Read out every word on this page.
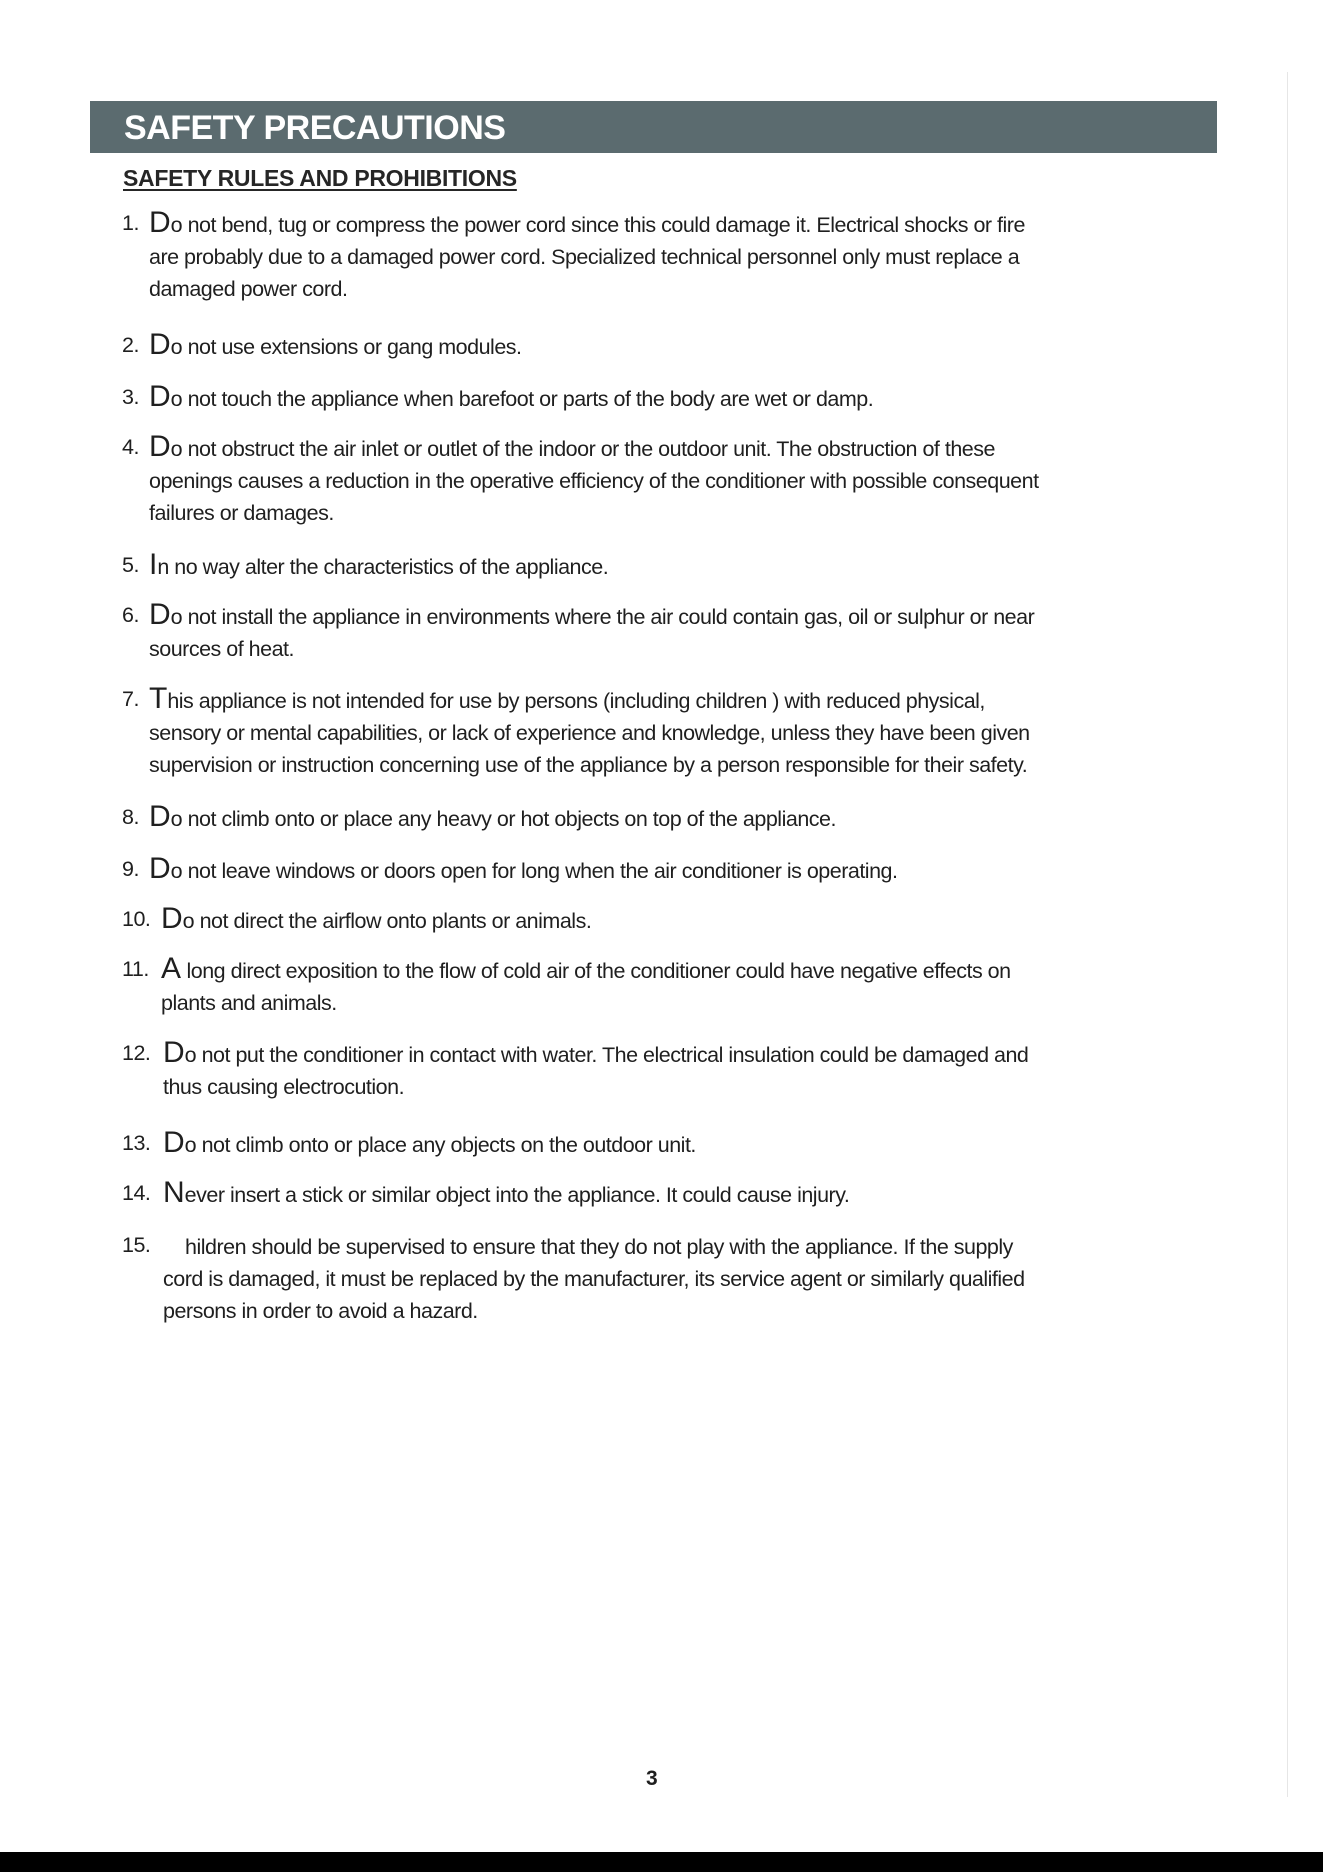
SAFETY PRECAUTIONS
SAFETY RULES AND PROHIBITIONS
1. Do not bend, tug or compress the power cord since this could damage it. Electrical shocks or fire
are probably due to a damaged power cord. Specialized technical personnel only must replace a
damaged power cord.
2. Do not use extensions or gang modules.
3. Do not touch the appliance when barefoot or parts of the body are wet or damp.
4. Do not obstruct the air inlet or outlet of the indoor or the outdoor unit. The obstruction of these
openings causes a reduction in the operative efficiency of the conditioner with possible consequent
failures or damages.
5. In no way alter the characteristics of the appliance.
6. Do not install the appliance in environments where the air could contain gas, oil or sulphur or near
sources of heat.
7. This appliance is not intended for use by persons (including children ) with reduced physical,
sensory or mental capabilities, or lack of experience and knowledge, unless they have been given
supervision or instruction concerning use of the appliance by a person responsible for their safety.
8. Do not climb onto or place any heavy or hot objects on top of the appliance.
9. Do not leave windows or doors open for long when the air conditioner is operating.
10. Do not direct the airflow onto plants or animals.
11. A long direct exposition to the flow of cold air of the conditioner could have negative effects on
plants and animals.
12. Do not put the conditioner in contact with water. The electrical insulation could be damaged and
thus causing electrocution.
13. Do not climb onto or place any objects on the outdoor unit.
14. Never insert a stick or similar object into the appliance. It could cause injury.
15.	hildren should be supervised to ensure that they do not play with the appliance. If the supply
cord is damaged, it must be replaced by the manufacturer, its service agent or similarly qualified
persons in order to avoid a hazard.
3
